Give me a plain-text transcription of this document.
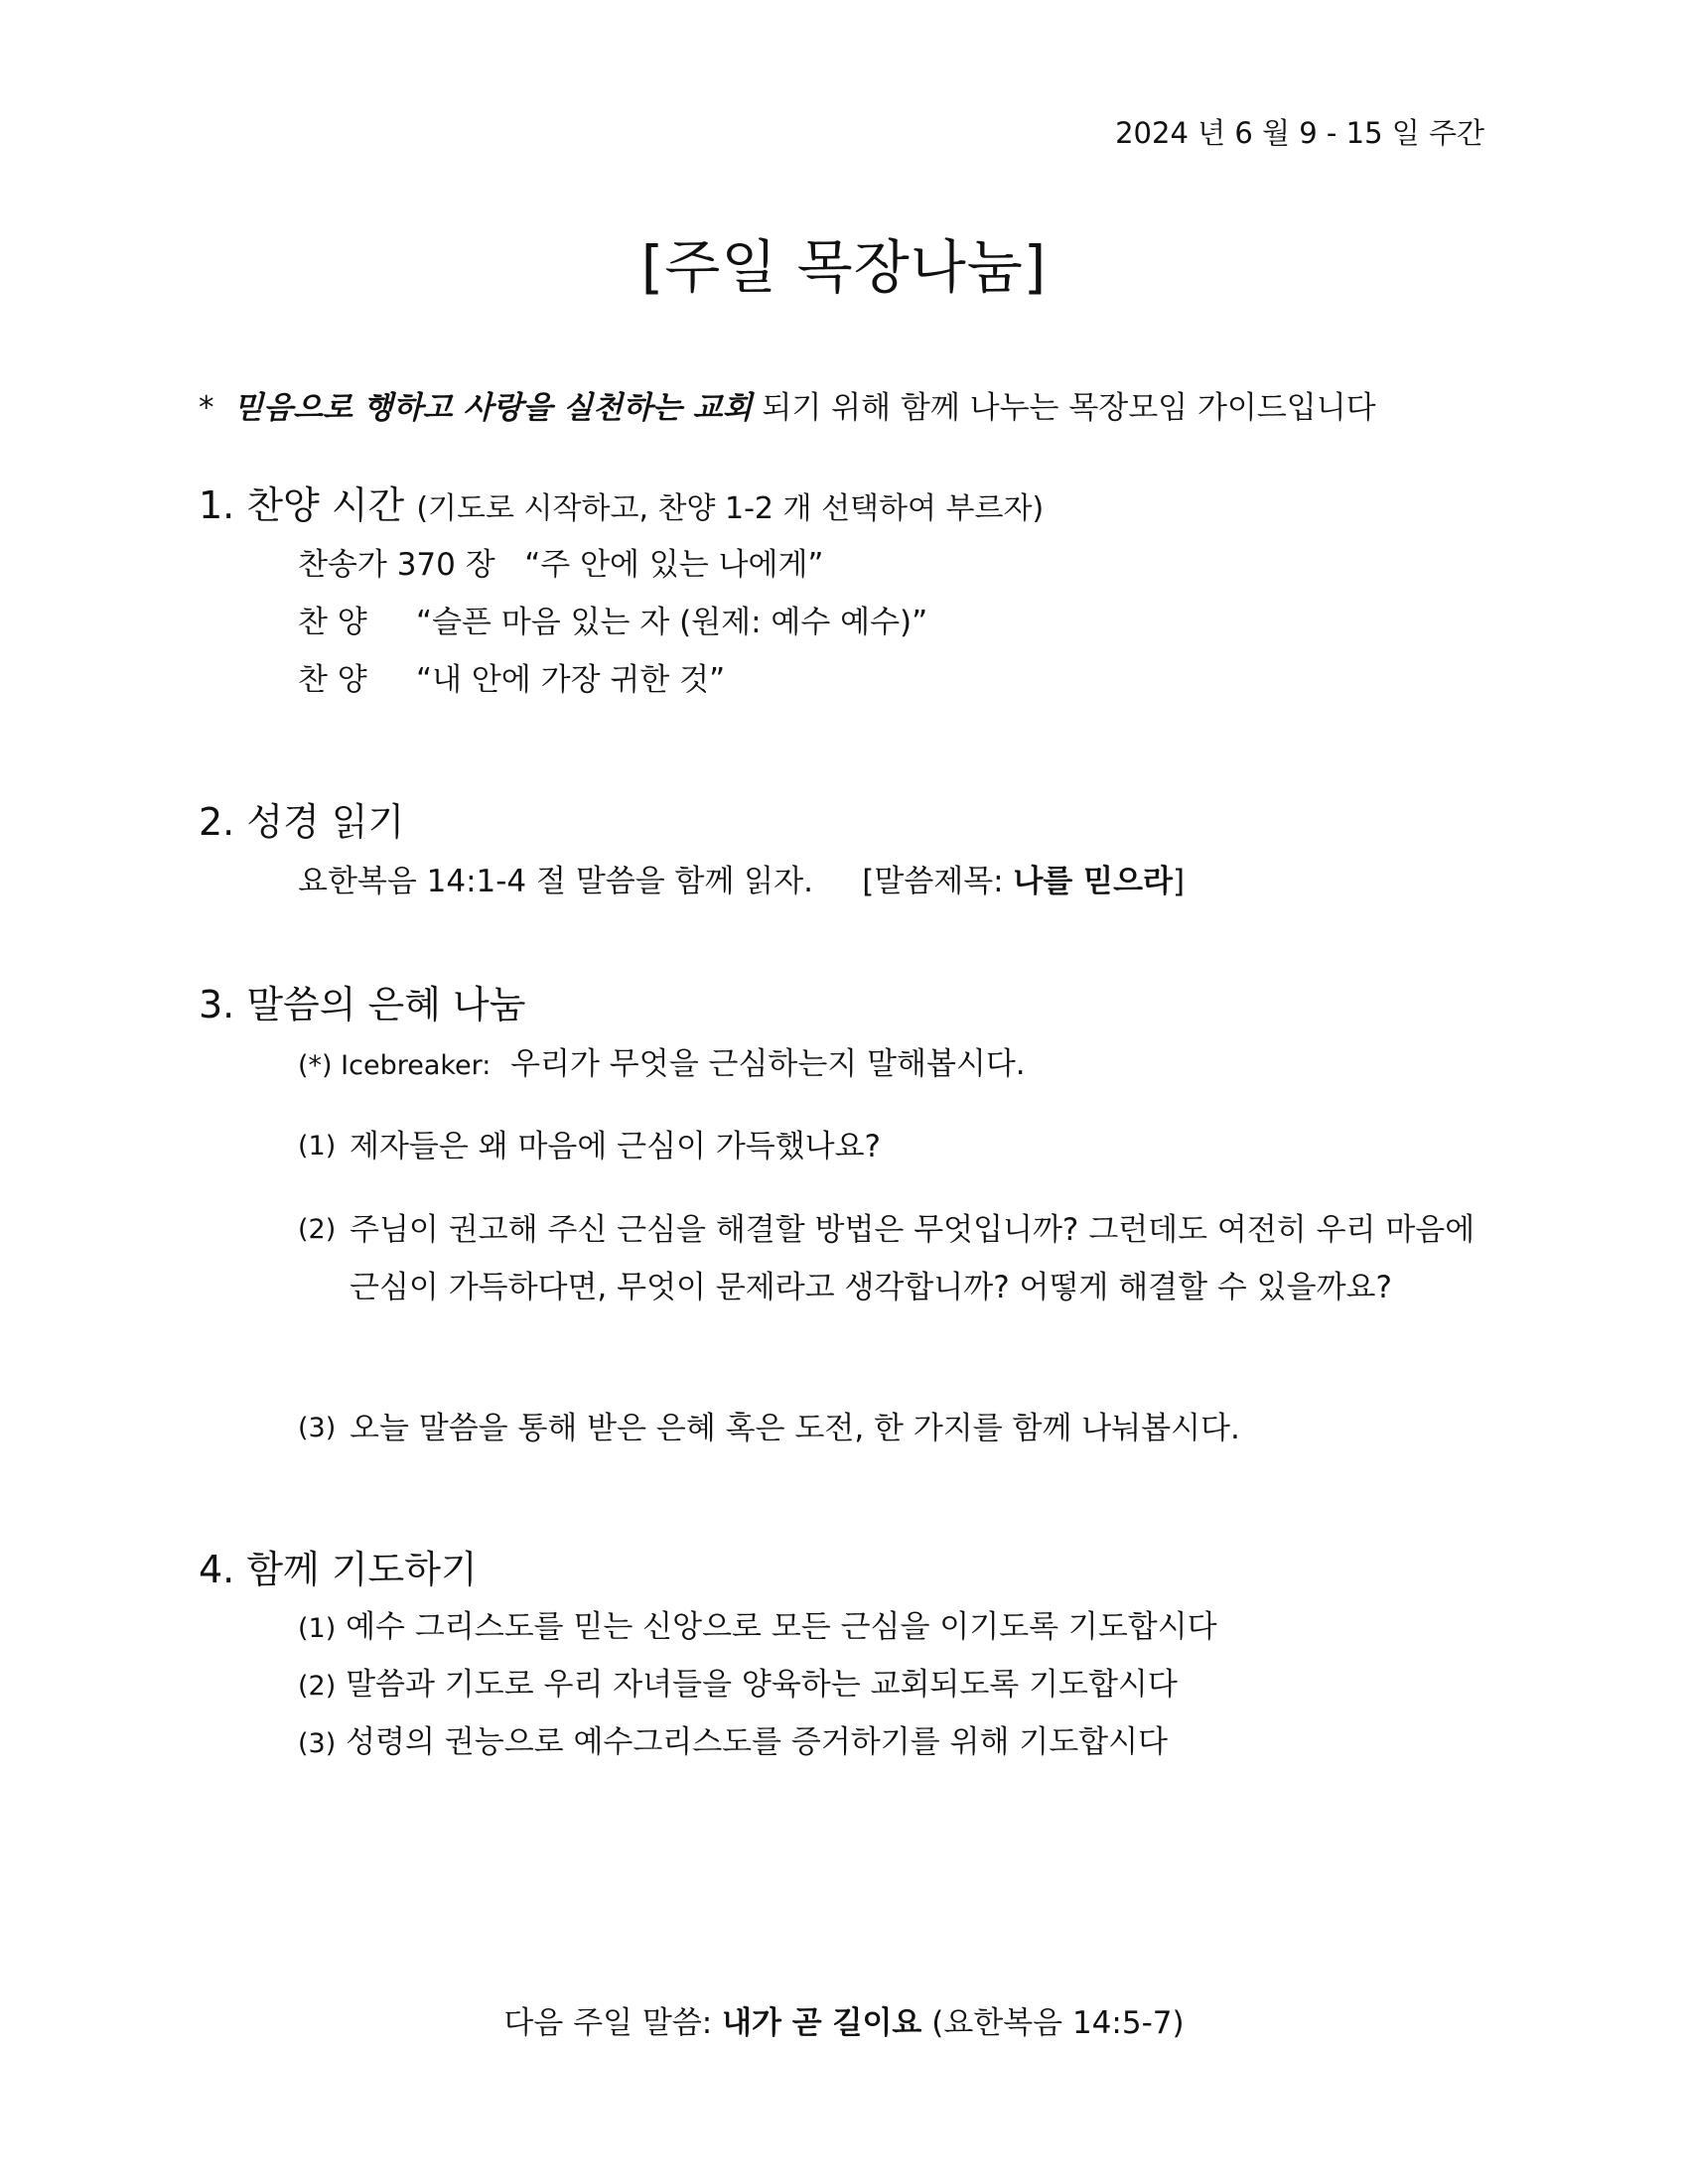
2024 년 6 월 9 - 15 일 주간
[주일 목장나눔]
* 믿음으로 행하고 사랑을 실천하는 교회 되기 위해 함께 나누는 목장모임 가이드입니다
1. 찬양 시간 (기도로 시작하고, 찬양 1-2 개 선택하여 부르자)
찬송가 370 장 “주 안에 있는 나에게”
찬 양 “슬픈 마음 있는 자 (원제: 예수 예수)”
찬 양 “내 안에 가장 귀한 것”
2. 성경 읽기
요한복음 14:1-4 절 말씀을 함께 읽자. [말씀제목: 나를 믿으라]
3. 말씀의 은혜 나눔
(*) Icebreaker: 우리가 무엇을 근심하는지 말해봅시다.
(1) 제자들은 왜 마음에 근심이 가득했나요?
(2) 주님이 권고해 주신 근심을 해결할 방법은 무엇입니까? 그런데도 여전히 우리 마음에 근심이 가득하다면, 무엇이 문제라고 생각합니까? 어떻게 해결할 수 있을까요?
(3) 오늘 말씀을 통해 받은 은혜 혹은 도전, 한 가지를 함께 나눠봅시다.
4. 함께 기도하기
(1) 예수 그리스도를 믿는 신앙으로 모든 근심을 이기도록 기도합시다
(2) 말씀과 기도로 우리 자녀들을 양육하는 교회되도록 기도합시다
(3) 성령의 권능으로 예수그리스도를 증거하기를 위해 기도합시다
다음 주일 말씀: 내가 곧 길이요 (요한복음 14:5-7)
